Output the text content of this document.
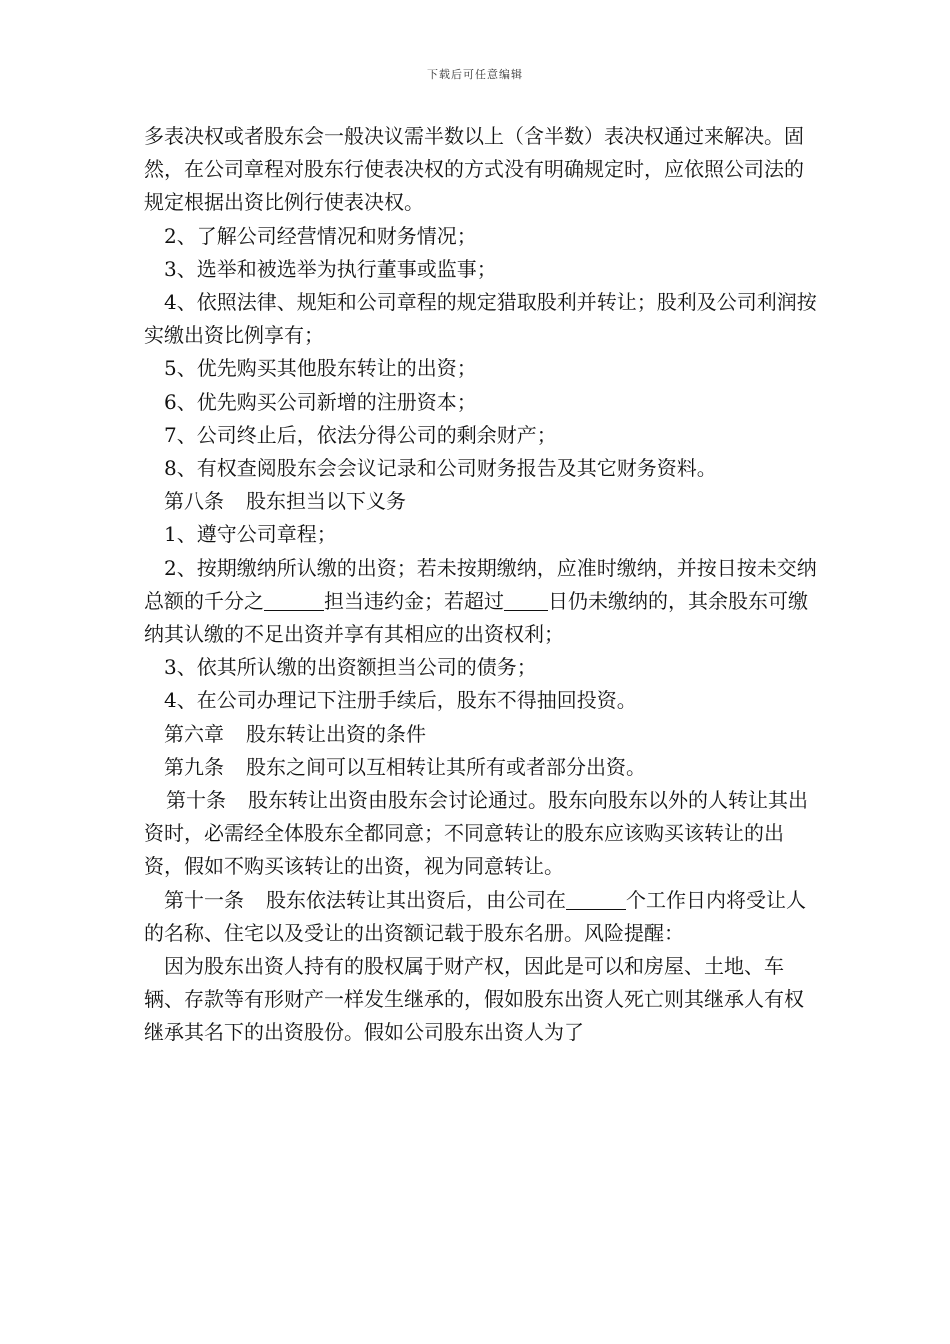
下载后可任意编辑

多表决权或者股东会一般决议需半数以上（含半数）表决权通过来解决。固然，在公司章程对股东行使表决权的方式没有明确规定时，应依照公司法的规定根据出资比例行使表决权。

2、了解公司经营情况和财务情况；

3、选举和被选举为执行董事或监事；

4、依照法律、规矩和公司章程的规定猎取股利并转让；股利及公司利润按实缴出资比例享有；

5、优先购买其他股东转让的出资；

6、优先购买公司新增的注册资本；

7、公司终止后，依法分得公司的剩余财产；

8、有权查阅股东会会议记录和公司财务报告及其它财务资料。

第八条 股东担当以下义务

1、遵守公司章程；

2、按期缴纳所认缴的出资；若未按期缴纳，应准时缴纳，并按日按未交纳总额的千分之	担当违约金；若超过 日仍未缴纳的，其余股东可缴纳其认缴的不足出资并享有其相应的出资权利；

3、依其所认缴的出资额担当公司的债务；

4、在公司办理记下注册手续后，股东不得抽回投资。

第六章 股东转让出资的条件

第九条 股东之间可以互相转让其所有或者部分出资。

第十条 股东转让出资由股东会讨论通过。股东向股东以外的人转让其出资时，必需经全体股东全都同意；不同意转让的股东应该购买该转让的出资，假如不购买该转让的出资，视为同意转让。

第十一条 股东依法转让其出资后，由公司在	个工作日内将受让人的名称、住宅以及受让的出资额记载于股东名册。风险提醒：

因为股东出资人持有的股权属于财产权，因此是可以和房屋、土地、车辆、存款等有形财产一样发生继承的，假如股东出资人死亡则其继承人有权继承其名下的出资股份。假如公司股东出资人为了
